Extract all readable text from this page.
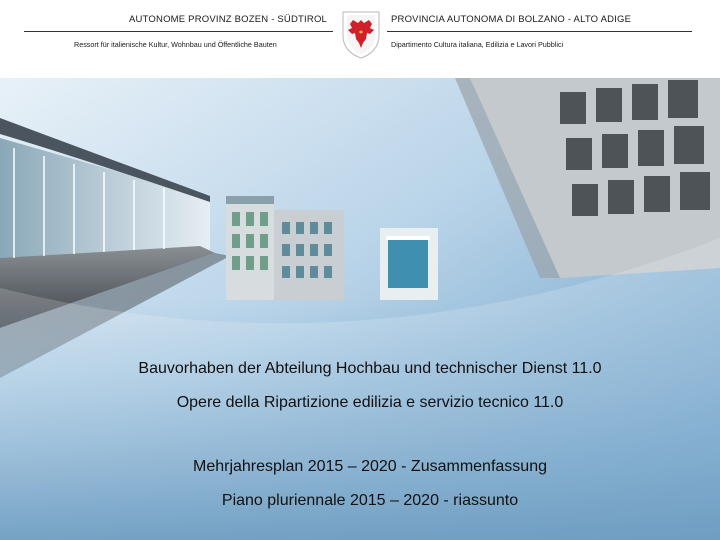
AUTONOME PROVINZ BOZEN - SÜDTIROL	PROVINCIA AUTONOMA DI BOLZANO - ALTO ADIGE
Ressort für italienische Kultur, Wohnbau und Öffentliche Bauten	Dipartimento Cultura italiana, Edilizia e Lavori Pubblici
Bauvorhaben der Abteilung Hochbau und technischer Dienst 11.0
Opere della Ripartizione edilizia e servizio tecnico 11.0
Mehrjahresplan 2015 – 2020 - Zusammenfassung
Piano pluriennale 2015 – 2020 - riassunto
